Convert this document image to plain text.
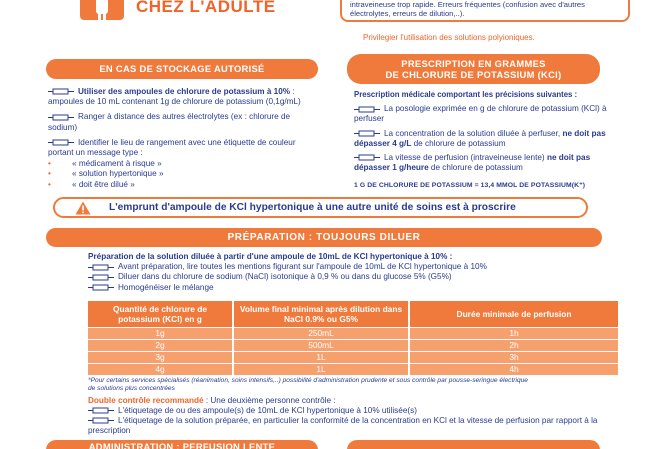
CHEZ L'ADULTE	intraveineuse trop rapide. Erreurs fréquentes (confusion avec d'autres électrolytes, erreurs de dilution,..).
Privilegier l'utilisation des solutions polyioniques.
EN CAS DE STOCKAGE AUTORISÉ
Utiliser des ampoules de chlorure de potassium à 10% : ampoules de 10 mL contenant 1g de chlorure de potassium (0,1g/mL)
Ranger à distance des autres électrolytes (ex : chlorure de sodium)
Identifier le lieu de rangement avec une étiquette de couleur portant un message type :
•	« médicament à risque »
•	« solution hypertonique »
•	« doit être dilué »
PRESCRIPTION EN GRAMMES
DE CHLORURE DE POTASSIUM (KCl)
Prescription médicale comportant les précisions suivantes :
La posologie exprimée en g de chlorure de potassium (KCl) à perfuser
La concentration de la solution diluée à perfuser, ne doit pas dépasser 4 g/L de chlorure de potassium
La vitesse de perfusion (intraveineuse lente) ne doit pas dépasser 1 g/heure de chlorure de potassium
1 G DE CHLORURE DE POTASSIUM = 13,4 MMOL DE POTASSIUM(K⁺)
L'emprunt d'ampoule de KCl hypertonique à une autre unité de soins est à proscrire
PRÉPARATION : TOUJOURS DILUER
Préparation de la solution diluée à partir d'une ampoule de 10mL de KCl hypertonique à 10% :
Avant préparation, lire toutes les mentions figurant sur l'ampoule de 10mL de KCl hypertonique à 10%
Diluer dans du chlorure de sodium (NaCl) isotonique à 0,9 % ou dans du glucose 5% (G5%)
Homogénéiser le mélange
Quantité de chlorure de potassium (KCl) en g	Volume final minimal après dilution dans NaCl 0.9% ou G5%	Durée minimale de perfusion
1g	250mL	1h
2g	500mL	2h
3g	1L	3h
4g	1L	4h
*Pour certains services spécialisés (réanimation, soins intensifs,..) possibilité d'administration prudente et sous contrôle par pousse-seringue électrique de solutions plus concentrées
Double contrôle recommandé : Une deuxième personne contrôle :
L'étiquetage de ou des ampoule(s) de 10mL de KCl hypertonique à 10% utilisée(s)
L'étiquetage de la solution préparée, en particulier la conformité de la concentration en KCl et la vitesse de perfusion par rapport à la prescription
ADMINISTRATION : PERFUSION LENTE
